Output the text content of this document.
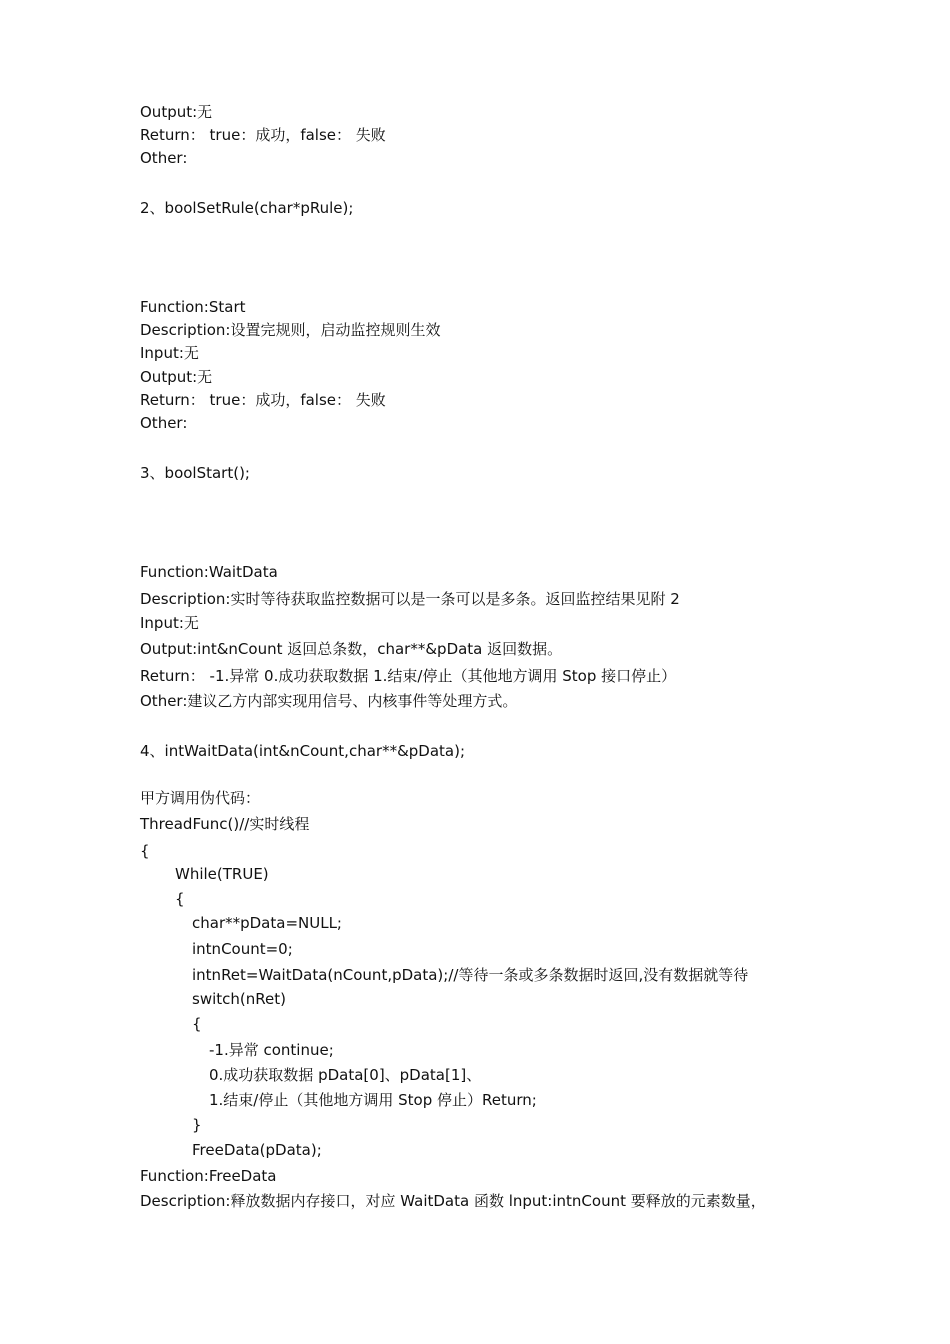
Output:无
Return： true：成功，false： 失败
Other:
2、boolSetRule(char*pRule);
Function:Start
Description:设置完规则，启动监控规则生效
Input:无
Output:无
Return： true：成功，false： 失败
Other:
3、boolStart();
Function:WaitData
Description:实时等待获取监控数据可以是一条可以是多条。返回监控结果见附 2
Input:无
Output:int&nCount 返回总条数，char**&pData 返回数据。
Return： -1.异常 0.成功获取数据 1.结束/停止（其他地方调用 Stop 接口停止）
Other:建议乙方内部实现用信号、内核事件等处理方式。
4、intWaitData(int&nCount,char**&pData);
甲方调用伪代码：
ThreadFunc()//实时线程
{
While(TRUE)
{
char**pData=NULL;
intnCount=0;
intnRet=WaitData(nCount,pData);//等待一条或多条数据时返回,没有数据就等待
switch(nRet)
{
-1.异常 continue;
0.成功获取数据 pData[0]、pData[1]、
1.结束/停止（其他地方调用 Stop 停止）Return;
}
FreeData(pData);
Function:FreeData
Description:释放数据内存接口，对应 WaitData 函数 lnput:intnCount 要释放的元素数量，
